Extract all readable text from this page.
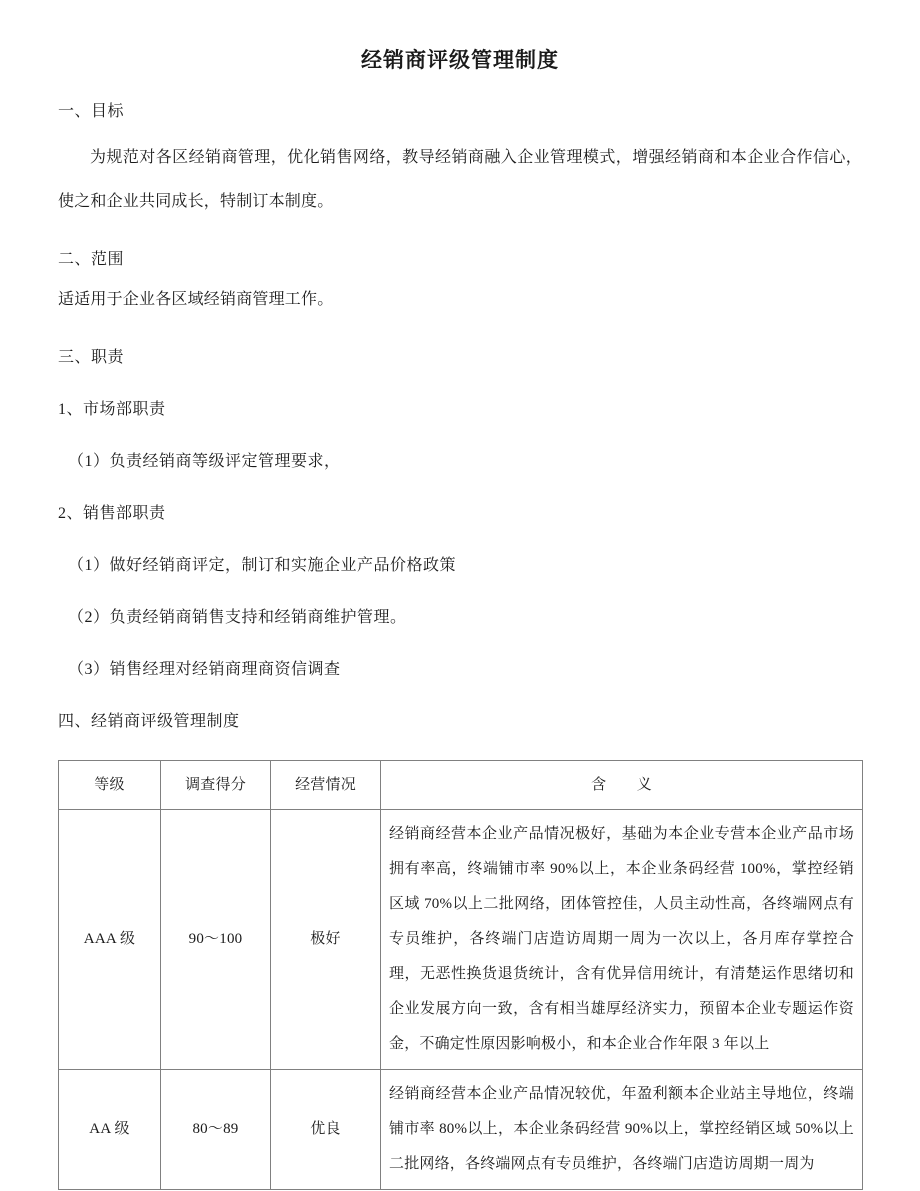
经销商评级管理制度

一、目标

为规范对各区经销商管理，优化销售网络，教导经销商融入企业管理模式，增强经销商和本企业合作信心，使之和企业共同成长，特制订本制度。

二、范围

适适用于企业各区域经销商管理工作。

三、职责

1、市场部职责

（1）负责经销商等级评定管理要求，

2、销售部职责

（1）做好经销商评定，制订和实施企业产品价格政策

（2）负责经销商销售支持和经销商维护管理。

（3）销售经理对经销商理商资信调查

四、经销商评级管理制度

等级	调查得分	经营情况	含　　义
AAA 级	90～100	极好	经销商经营本企业产品情况极好，基础为本企业专营本企业产品市场拥有率高，终端铺市率 90%以上，本企业条码经营 100%，掌控经销区域 70%以上二批网络，团体管控佳，人员主动性高，各终端网点有专员维护，各终端门店造访周期一周为一次以上，各月库存掌控合理，无恶性换货退货统计，含有优异信用统计，有清楚运作思绪切和企业发展方向一致，含有相当雄厚经济实力，预留本企业专题运作资金，不确定性原因影响极小，和本企业合作年限 3 年以上
AA 级	80～89	优良	经销商经营本企业产品情况较优，年盈利额本企业站主导地位，终端铺市率 80%以上，本企业条码经营 90%以上，掌控经销区域 50%以上二批网络，各终端网点有专员维护，各终端门店造访周期一周为
